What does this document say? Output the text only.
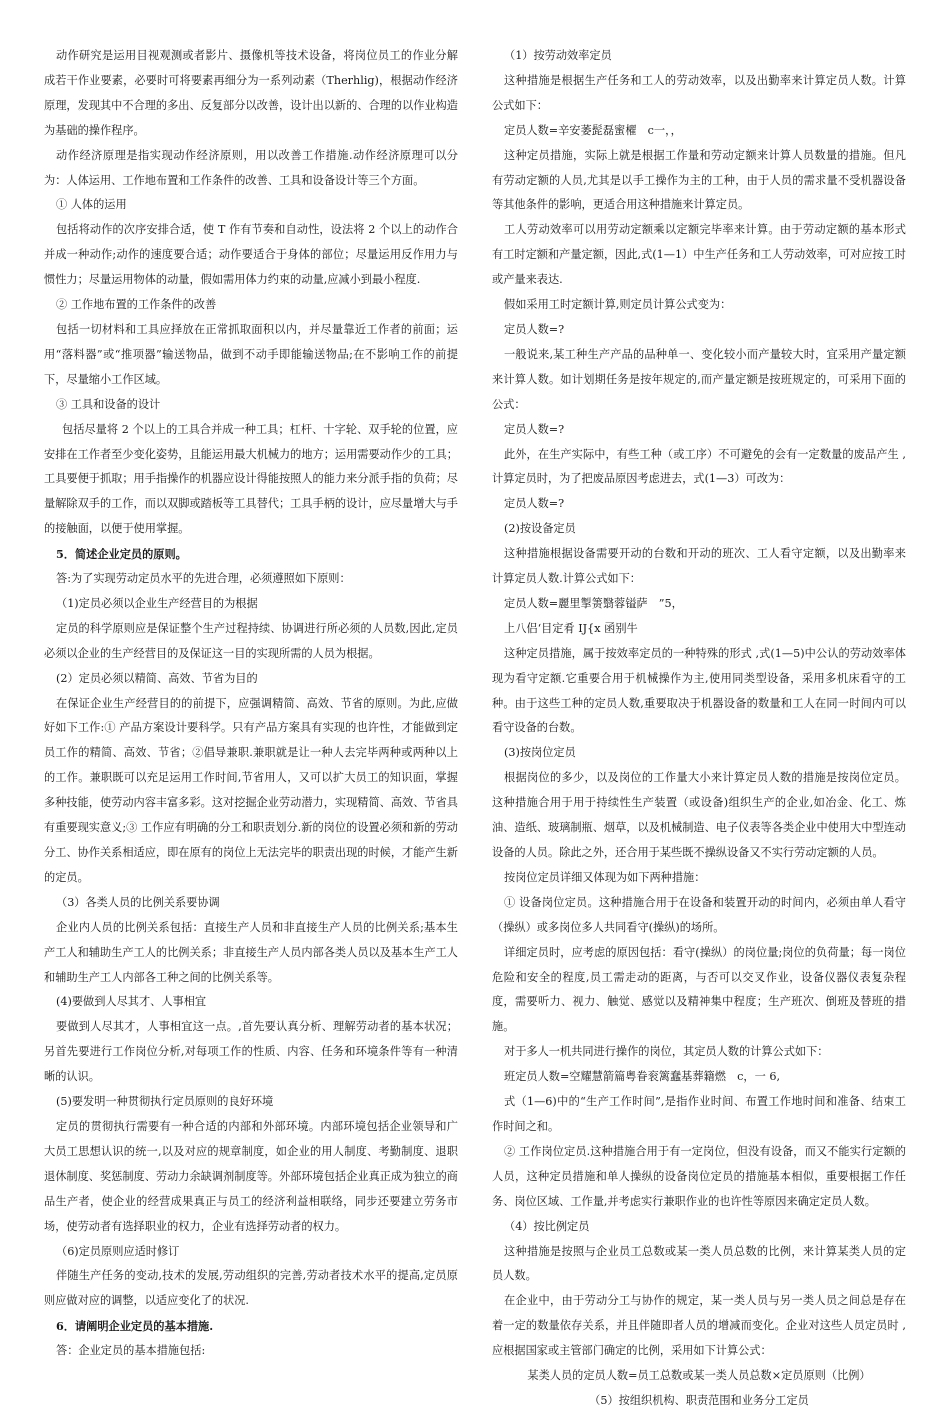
动作研究是运用目视观测或者影片、摄像机等技术设备，将岗位员工的作业分解成若干作业要素，必要时可将要素再细分为一系列动素（Therhlig)，根据动作经济原理，发现其中不合理的多出、反复部分以改善，设计出以新的、合理的以作业构造为基础的操作程序。

动作经济原理是指实现动作经济原则，用以改善工作措施.动作经济原理可以分为：人体运用、工作地布置和工作条件的改善、工具和设备设计等三个方面。

① 人体的运用

包括将动作的次序安排合适，使 T 作有节奏和自动性，设法将 2 个以上的动作合并成一种动作;动作的速度要合适；动作要适合于身体的部位；尽量运用反作用力与惯性力；尽量运用物体的动量，假如需用体力约束的动量,应减小到最小程度.

② 工作地布置的工作条件的改善

包括一切材料和工具应择放在正常抓取面积以内，并尽量靠近工作者的前面；运用“落料器”或“推项器”输送物品，做到不动手即能输送物品;在不影响工作的前提下，尽量缩小工作区域。

③ 工具和设备的设计

包括尽量将 2 个以上的工具合并成一种工具；杠杆、十字轮、双手轮的位置，应安排在工作者至少变化姿势，且能运用最大机械力的地方；运用需要动作少的工具；工具要便于抓取；用手指操作的机器应设计得能按照人的能力来分派手指的负荷；尽量解除双手的工作，而以双脚或踏板等工具替代；工具手柄的设计，应尽量增大与手的接触面，以便于使用掌握。

5．简述企业定员的原则。

答:为了实现劳动定员水平的先进合理，必须遵照如下原则：

（1)定员必须以企业生产经营目的为根据

定员的科学原则应是保证整个生产过程持续、协调进行所必须的人员数,因此,定员必须以企业的生产经营目的及保证这一目的实现所需的人员为根据。

(2）定员必须以精简、高效、节省为目的

在保证企业生产经营目的的前提下，应强调精简、高效、节省的原则。为此,应做好如下工作:① 产品方案设计要科学。只有产品方案具有实现的也许性，才能做到定员工作的精简、高效、节省；②倡导兼职.兼职就是让一种人去完毕两种或两种以上的工作。兼职既可以充足运用工作时间,节省用人，又可以扩大员工的知识面，掌握多种技能，使劳动内容丰富多彩。这对挖掘企业劳动潜力，实现精简、高效、节省具有重要现实意义;③ 工作应有明确的分工和职责划分.新的岗位的设置必须和新的劳动分工、协作关系相适应，即在原有的岗位上无法完毕的职责出现的时候，才能产生新的定员。

（3）各类人员的比例关系要协调

企业内人员的比例关系包括：直接生产人员和非直接生产人员的比例关系;基本生产工人和辅助生产工人的比例关系；非直接生产人员内部各类人员以及基本生产工人和辅助生产工人内部各工种之间的比例关系等。

(4)要做到人尽其才、人事相宜

要做到人尽其才，人事相宜这一点。,首先要认真分析、理解劳动者的基本状况；另首先要进行工作岗位分析,对每项工作的性质、内容、任务和环境条件等有一种清晰的认识。

(5)要发明一种贯彻执行定员原则的良好环境

定员的贯彻执行需要有一种合适的内部和外部环境。内部环境包括企业领导和广大员工思想认识的统一,以及对应的规章制度，如企业的用人制度、考勤制度、退职退休制度、奖惩制度、劳动力余缺调剂制度等。外部环境包括企业真正成为独立的商品生产者，使企业的经营成果真正与员工的经济利益相联络，同步还要建立劳务市场，使劳动者有选择职业的权力，企业有选择劳动者的权力。

（6)定员原则应适时修订

伴随生产任务的变动,技术的发展,劳动组织的完善,劳动者技术水平的提高,定员原则应做对应的调整，以适应变化了的状况.

6．请阐明企业定员的基本措施.

答：企业定员的基本措施包括:

（1）按劳动效率定员

这种措施是根据生产任务和工人的劳动效率，以及出勤率来计算定员人数。计算公式如下：

定员人数=辛安萎髭磊蜜櫂　c一，，

这种定员措施，实际上就是根据工作量和劳动定额来计算人员数量的措施。但凡有劳动定额的人员,尤其是以手工操作为主的工种，由于人员的需求量不受机器设备等其他条件的影响，更适合用这种措施来计算定员。

工人劳动效率可以用劳动定额乘以定额完毕率来计算。由于劳动定额的基本形式有工时定额和产量定额，因此,式(1—1）中生产任务和工人劳动效率，可对应按工时或产量来表达.

假如采用工时定额计算,则定员计算公式变为：

定员人数=?

一般说来,某工种生产产品的品种单一、变化较小而产量较大时，宜采用产量定额来计算人数。如计划期任务是按年规定的,而产量定额是按班规定的，可采用下面的公式：

定员人数=?

此外，在生产实际中，有些工种（或工序）不可避免的会有一定数量的废品产生 ,计算定员时，为了把废品原因考虑进去，式(1—3）可改为：

定员人数=?

(2)按设备定员

这种措施根据设备需要开动的台数和开动的班次、工人看守定额，以及出勤率来计算定员人数.计算公式如下：

定员人数=麗里掣箦翳蓉镒萨　”5，

上八侣‘目定肴 IJ{x 函别牛

这种定员措施，属于按效率定员的一种特殊的形式 ,式(1—5)中公认的劳动效率体现为看守定额.它重要合用于机械操作为主,使用同类型设备，采用多机床看守的工种。由于这些工种的定员人数,重要取决于机器设备的数量和工人在同一时间内可以看守设备的台数。

(3)按岗位定员

根据岗位的多少，以及岗位的工作量大小来计算定员人数的措施是按岗位定员。这种措施合用于用于持续性生产装置（或设备)组织生产的企业,如冶金、化工、炼油、造纸、玻璃制瓶、烟草，以及机械制造、电子仪表等各类企业中使用大中型连动设备的人员。除此之外，还合用于某些既不操纵设备又不实行劳动定额的人员。

按岗位定员详细又体现为如下两种措施：

① 设备岗位定员。这种措施合用于在设备和装置开动的时间内，必须由单人看守（操纵）或多岗位多人共同看守(操纵)的场所。

详细定员时，应考虑的原因包括：看守(操纵）的岗位量;岗位的负荷量；每一岗位危险和安全的程度,员工需走动的距离，与否可以交叉作业，设备仪器仪表复杂程度，需要听力、视力、触觉、感觉以及精神集中程度；生产班次、倒班及替班的措施。

对于多人一机共同进行操作的岗位，其定员人数的计算公式如下：

班定员人数=空耀慧箭篇粤眷衮篱蠢基葬籍燃　c，一 6,

式（1—6)中的“生产工作时间”,是指作业时间、布置工作地时间和准备、结束工作时间之和。

② 工作岗位定员.这种措施合用于有一定岗位，但没有设备，而又不能实行定额的人员，这种定员措施和单人操纵的设备岗位定员的措施基本相似，重要根据工作任务、岗位区域、工作量,并考虑实行兼职作业的也许性等原因来确定定员人数。

（4）按比例定员

这种措施是按照与企业员工总数或某一类人员总数的比例，来计算某类人员的定员人数。

在企业中，由于劳动分工与协作的规定，某一类人员与另一类人员之间总是存在着一定的数量依存关系，并且伴随即者人员的增减而变化。企业对这些人员定员时 ,应根据国家或主管部门确定的比例，采用如下计算公式：

某类人员的定员人数=员工总数或某一类人员总数×定员原则（比例）

（5）按组织机构、职责范围和业务分工定员
